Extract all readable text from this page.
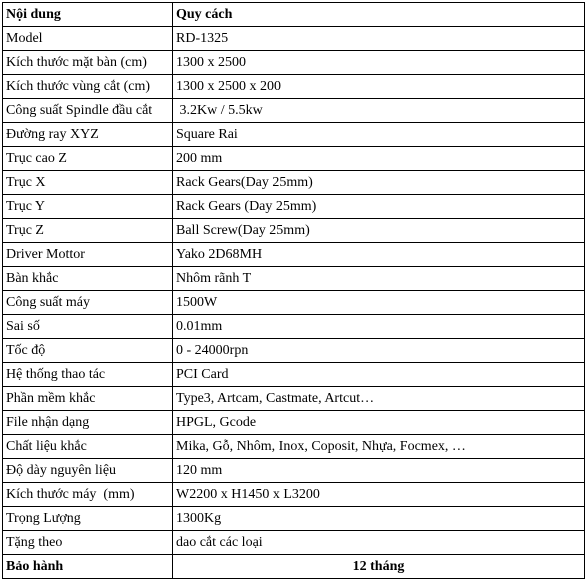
Nội dung	Quy cách
Model	RD-1325
Kích thước mặt bàn (cm)	1300 x 2500
Kích thước vùng cắt (cm)	1300 x 2500 x 200
Công suất Spindle đầu cắt	3.2Kw / 5.5kw
Đường ray XYZ	Square Rai
Trục cao Z	200 mm
Trục X	Rack Gears(Day 25mm)
Trục Y	Rack Gears (Day 25mm)
Trục Z	Ball Screw(Day 25mm)
Driver Mottor	Yako 2D68MH
Bàn khắc	Nhôm rãnh T
Công suất máy	1500W
Sai số	0.01mm
Tốc độ	0 - 24000rpn
Hệ thống thao tác	PCI Card
Phần mềm khắc	Type3, Artcam, Castmate, Artcut…
File nhận dạng	HPGL, Gcode
Chất liệu khắc	Mika, Gỗ, Nhôm, Inox, Coposit, Nhựa, Focmex, …
Độ dày nguyên liệu	120 mm
Kích thước máy  (mm)	W2200 x H1450 x L3200
Trọng Lượng	1300Kg
Tặng theo	dao cắt các loại
Bảo hành	12 tháng
